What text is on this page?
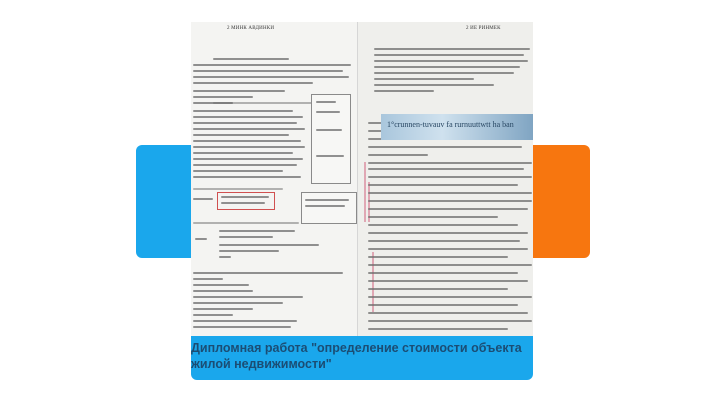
2 МИНК АВДИНКИ	2 ИЕ РИНМЕК
1°сrunnen-tuvauv fa rurnuuttwtt ha ban
Дипломная работа "определение стоимости объекта жилой недвижимости"
